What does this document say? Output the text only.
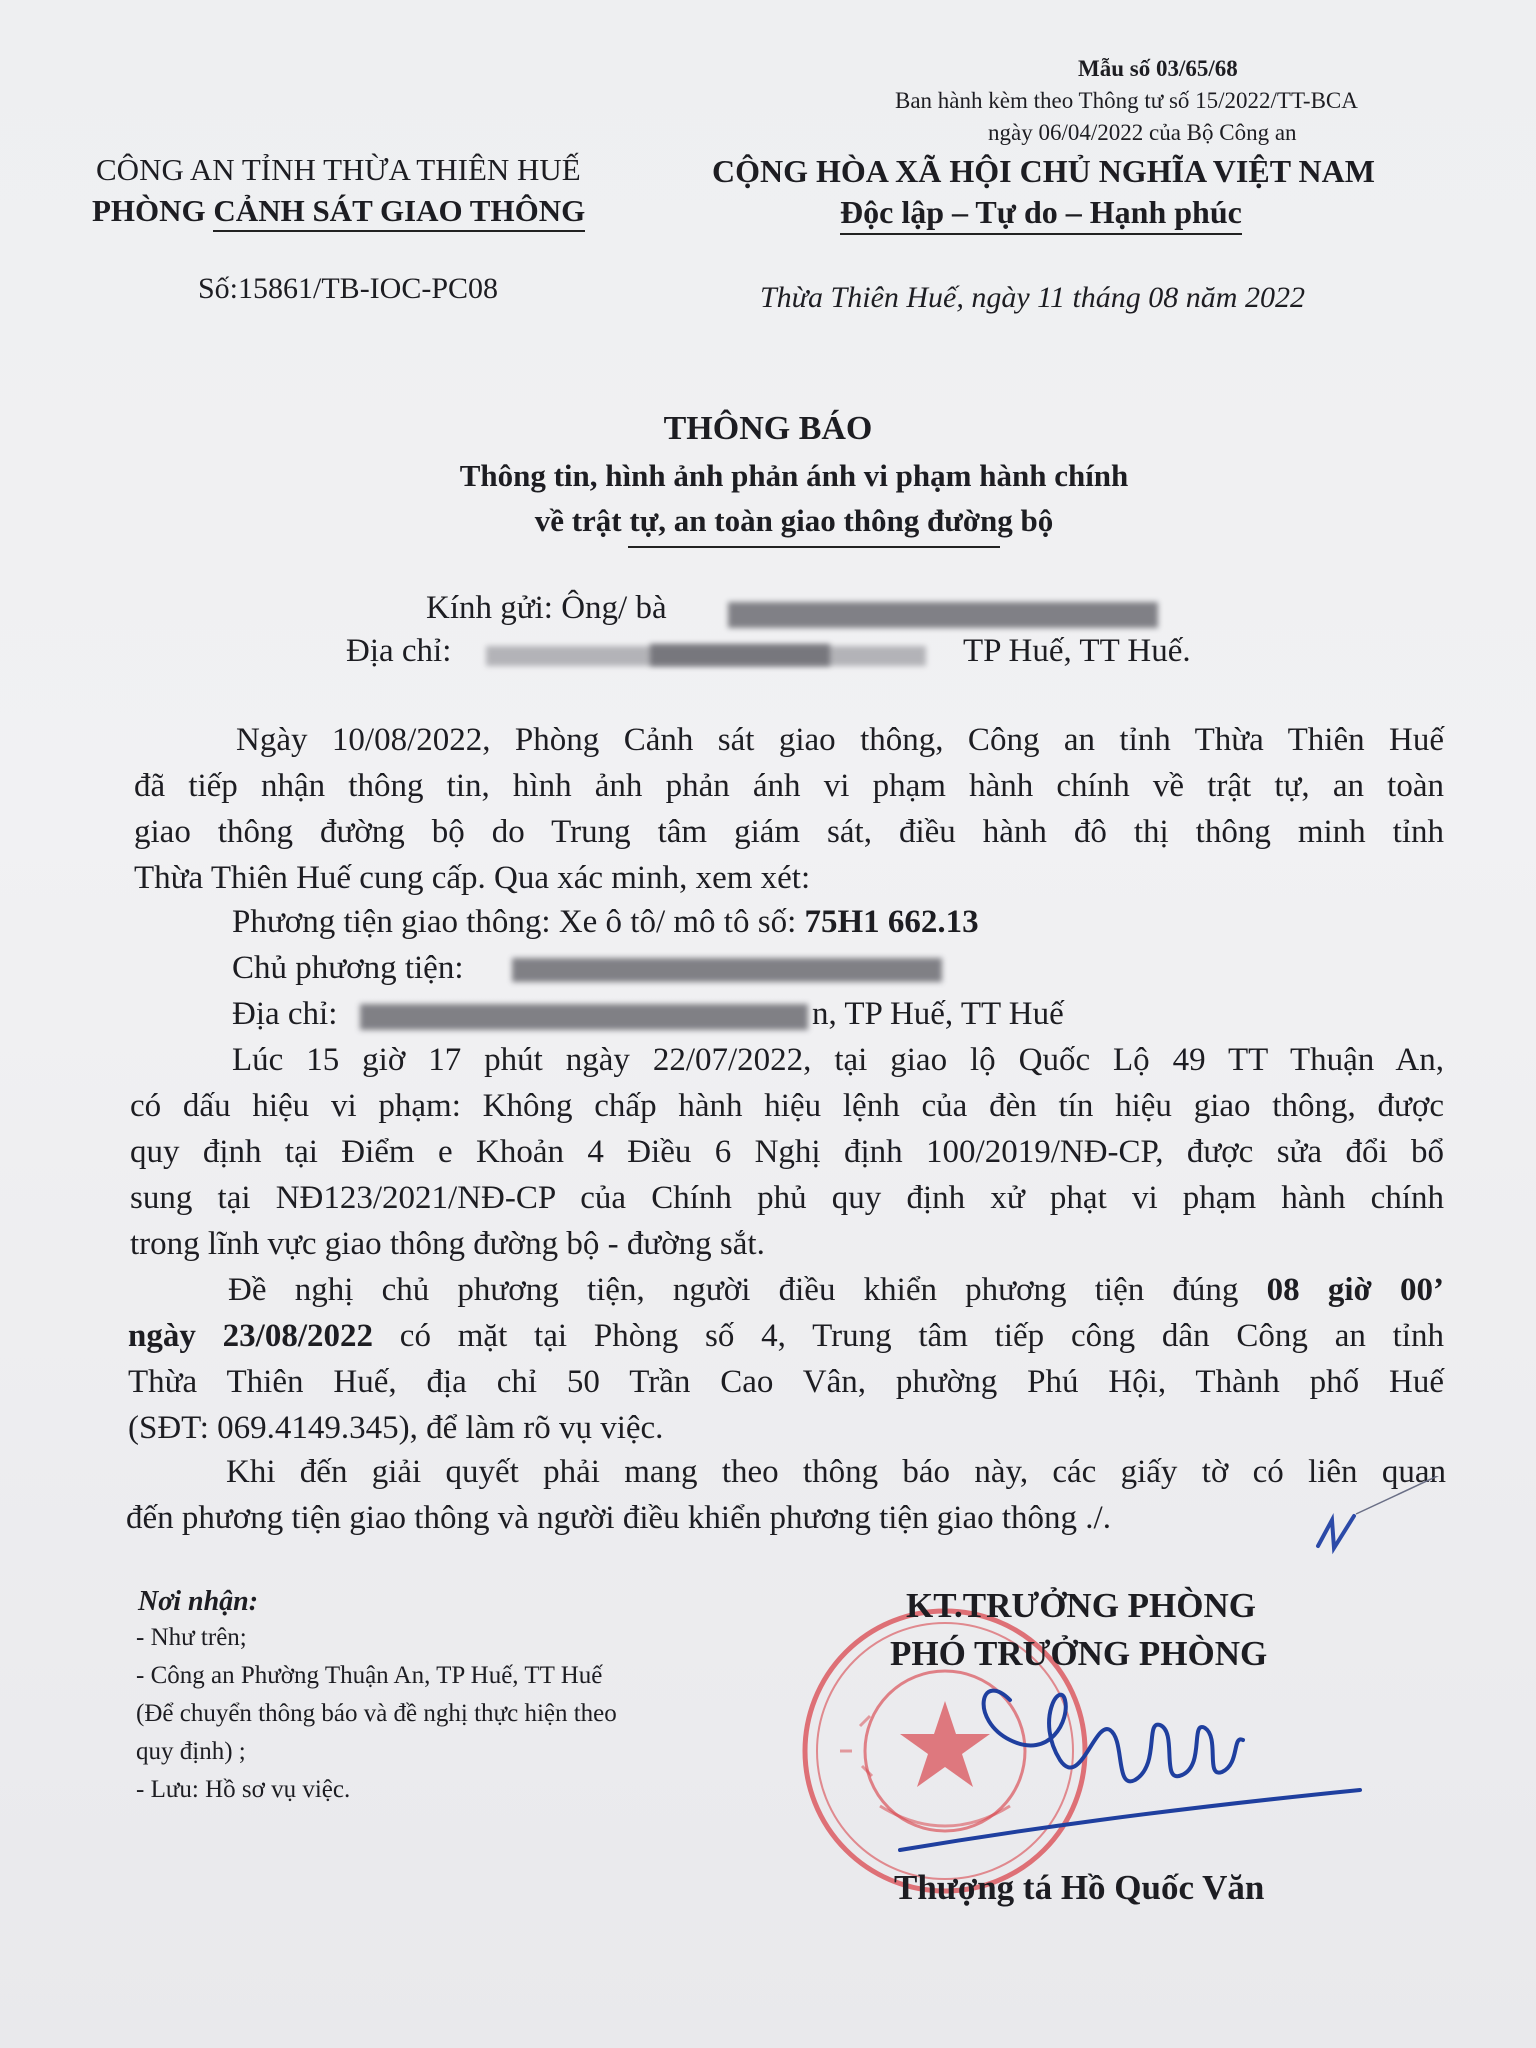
Mẫu số 03/65/68
Ban hành kèm theo Thông tư số 15/2022/TT-BCA
ngày 06/04/2022 của Bộ Công an
CÔNG AN TỈNH THỪA THIÊN HUẾ
PHÒNG CẢNH SÁT GIAO THÔNG
Số:15861/TB-IOC-PC08
CỘNG HÒA XÃ HỘI CHỦ NGHĨA VIỆT NAM
Độc lập – Tự do – Hạnh phúc
Thừa Thiên Huế, ngày 11 tháng 08 năm 2022
THÔNG BÁO
Thông tin, hình ảnh phản ánh vi phạm hành chính
về trật tự, an toàn giao thông đường bộ
Kính gửi: Ông/ bà
Địa chỉ:	TP Huế, TT Huế.
Ngày 10/08/2022, Phòng Cảnh sát giao thông, Công an tỉnh Thừa Thiên Huế
đã tiếp nhận thông tin, hình ảnh phản ánh vi phạm hành chính về trật tự, an toàn
giao thông đường bộ do Trung tâm giám sát, điều hành đô thị thông minh tỉnh
Thừa Thiên Huế cung cấp. Qua xác minh, xem xét:
Phương tiện giao thông: Xe ô tô/ mô tô số: 75H1 662.13
Chủ phương tiện:
Địa chỉ:	n, TP Huế, TT Huế
Lúc 15 giờ 17 phút ngày 22/07/2022, tại giao lộ Quốc Lộ 49 TT Thuận An,
có dấu hiệu vi phạm: Không chấp hành hiệu lệnh của đèn tín hiệu giao thông, được
quy định tại Điểm e Khoản 4 Điều 6 Nghị định 100/2019/NĐ-CP, được sửa đổi bổ
sung tại NĐ123/2021/NĐ-CP của Chính phủ quy định xử phạt vi phạm hành chính
trong lĩnh vực giao thông đường bộ - đường sắt.
Đề nghị chủ phương tiện, người điều khiển phương tiện đúng 08 giờ 00’
ngày 23/08/2022 có mặt tại Phòng số 4, Trung tâm tiếp công dân Công an tỉnh
Thừa Thiên Huế, địa chỉ 50 Trần Cao Vân, phường Phú Hội, Thành phố Huế
(SĐT: 069.4149.345), để làm rõ vụ việc.
Khi đến giải quyết phải mang theo thông báo này, các giấy tờ có liên quan
đến phương tiện giao thông và người điều khiển phương tiện giao thông ./.
Nơi nhận:
- Như trên;
- Công an Phường Thuận An, TP Huế, TT Huế
(Để chuyển thông báo và đề nghị thực hiện theo
quy định) ;
- Lưu: Hồ sơ vụ việc.
KT.TRƯỞNG PHÒNG
PHÓ TRƯỞNG PHÒNG
Thượng tá Hồ Quốc Văn
